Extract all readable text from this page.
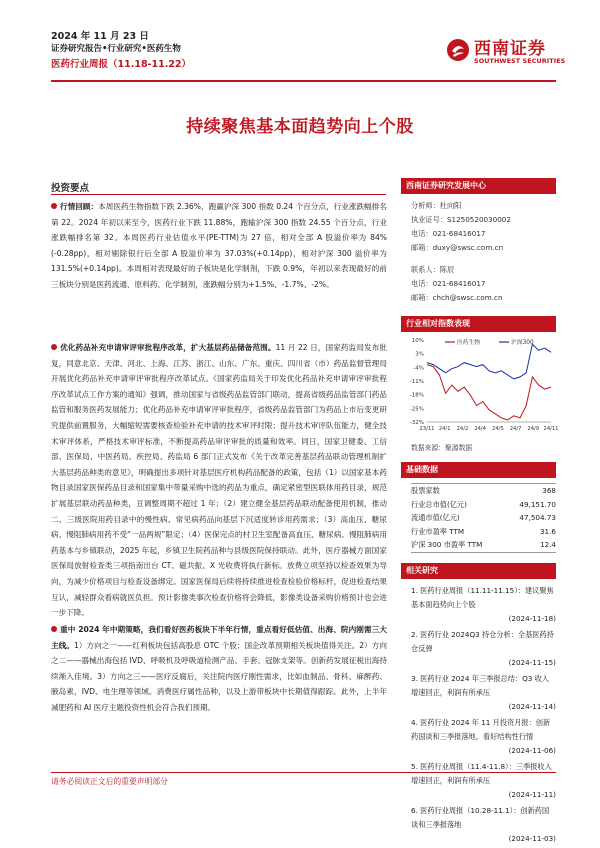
2024 年 11 月 23 日
证券研究报告•行业研究•医药生物
医药行业周报（11.18-11.22）
西南证券
SOUTHWEST SECURITIES
持续聚焦基本面趋势向上个股
投资要点
行情回顾：本周医药生物指数下跌 2.36%，跑赢沪深 300 指数 0.24 个百分点，行业涨跌幅排名第 22。2024 年初以来至今，医药行业下跌 11.88%，跑输沪深 300 指数 24.55 个百分点，行业涨跌幅排名第 32。本周医药行业估值水平(PE-TTM)为 27 倍，相对全部 A 股溢价率为 84%(-0.28pp)，相对剔除银行后全部 A 股溢价率为 37.03%(+0.14pp)，相对沪深 300 溢价率为 131.5%(+0.14pp)。本周相对表现最好的子板块是化学制剂，下跌 0.9%，年初以来表现最好的前三板块分别是医药流通、原料药、化学制剂，涨跌幅分别为+1.5%、-1.7%、-2%。
优化药品补充申请审评审批程序改革，扩大基层药品储备范围。11 月 22 日，国家药监局发布批复，同意北京、天津、河北、上海、江苏、浙江、山东、广东、重庆、四川省（市）药品监督管理局开展优化药品补充申请审评审批程序改革试点。《国家药监局关于印发优化药品补充申请审评审批程序改革试点工作方案的通知》强调，推动国家与省级药品监管部门联动，提高省级药品监管部门药品监管和服务医药发展能力；优化药品补充申请审评审批程序，省级药品监管部门为药品上市后变更研究提供前置服务，大幅缩短需要核查检验补充申请的技术审评时限；提升技术审评队伍能力，健全技术审评体系，严格技术审评标准，不断提高药品审评审批的质量和效率。同日，国家卫健委、工信部、医保局、中医药局、疾控局、药监局 6 部门正式发布《关于改革完善基层药品联动管理机制扩大基层药品种类的意见》，明确提出多项针对基层医疗机构药品配备的政策，包括（1）以国家基本药物目录国家医保药品目录和国家集中带量采购中选的药品为重点，确定紧密型医联体用药目录，规范扩展基层联动药品种类，亘调整周期不超过 1 年；（2）建立健全基层药品联动配备使用机制，推动二、三级医院用药目录中的慢性病、常见病药品向基层下沉适度转诊用药需求；（3）高血压、糖尿病、慢阻肺病用药不受“一品两规”限定；（4）医保完点的村卫生室配备高血压、糖尿病、慢阻肺病用药基本与乡镇联动，2025 年起，乡镇卫生院药品种与县级医院保持联动。此外，医疗器械方面国家医保局放射检查类三项指南出台 CT、磁共振、X 光收费将执行新标。放费立项坚持以检查效果为导向，为减少价格项目与检查设备绑定。国家医保局后续将持续推进检查检验价格标杆，促进检查结果互认，减轻群众看病就医负担。预计影像类事次检查价格将会降低，影像类设备采购价格预计也会进一步下降。
重中 2024 年中期策略，我们看好医药板块下半年行情，重点看好低估值、出海、院内刚需三大主线。1）方向之一——红利板块包括高股息 OTC 个股；国企改革预期相关板块值得关注。2）方向之二——器械出海包括 IVD、呼吸机及呼吸道检测产品、手套、冠脉支架等。创新药发展征税出海持续渐入佳境。3）方向之三——医疗反腐后，关注院内医疗刚性需求，比如血制品、骨科、麻醉药、腋岛素，IVD、电生理等领域。消费医疗属性品种，以及上游带板块中长期值得跟踪。此外，上半年减肥药和 AI 医疗主题投资性机会符合我们预期。
西南证券研究发展中心
分析师：杜向阳
执业证号：S1250520030002
电话：021-68416017
邮箱：duxy@swsc.com.cn
联系人：陈辰
电话：021-68416017
邮箱：chch@swsc.com.cn
行业相对指数表现
10%
3%
-4%
-11%
-18%
-25%
-32%
23/11 24/1 24/2 24/4 24/5 24/7 24/9 24/11
医药生物	沪深300
数据来源：聚源数据
基础数据
股票家数	368
行业总市值(亿元)	49,151.70
流通市值(亿元)	47,504.73
行业市盈率 TTM	31.6
沪深 300 市盈率 TTM	12.4
相关研究
1. 医药行业周报（11.11-11.15）：建议聚焦基本面趋势向上个股
(2024-11-18)
2. 医药行业 2024Q3 持仓分析：全基医药持仓反弹
(2024-11-15)
3. 医药行业 2024 年三季报总结：Q3 收入增速回正，利润有所承压
(2024-11-14)
4. 医药行业 2024 年 11 月投资月报：创新药国谈和三季报落地，看好结构性行情
(2024-11-06)
5. 医药行业周报（11.4-11.8）：三季报收入增速回正，利润有所承压
(2024-11-11)
6. 医药行业周报（10.28-11.1）：创新药国谈和三季报落地
(2024-11-03)
请务必阅读正文后的重要声明部分
